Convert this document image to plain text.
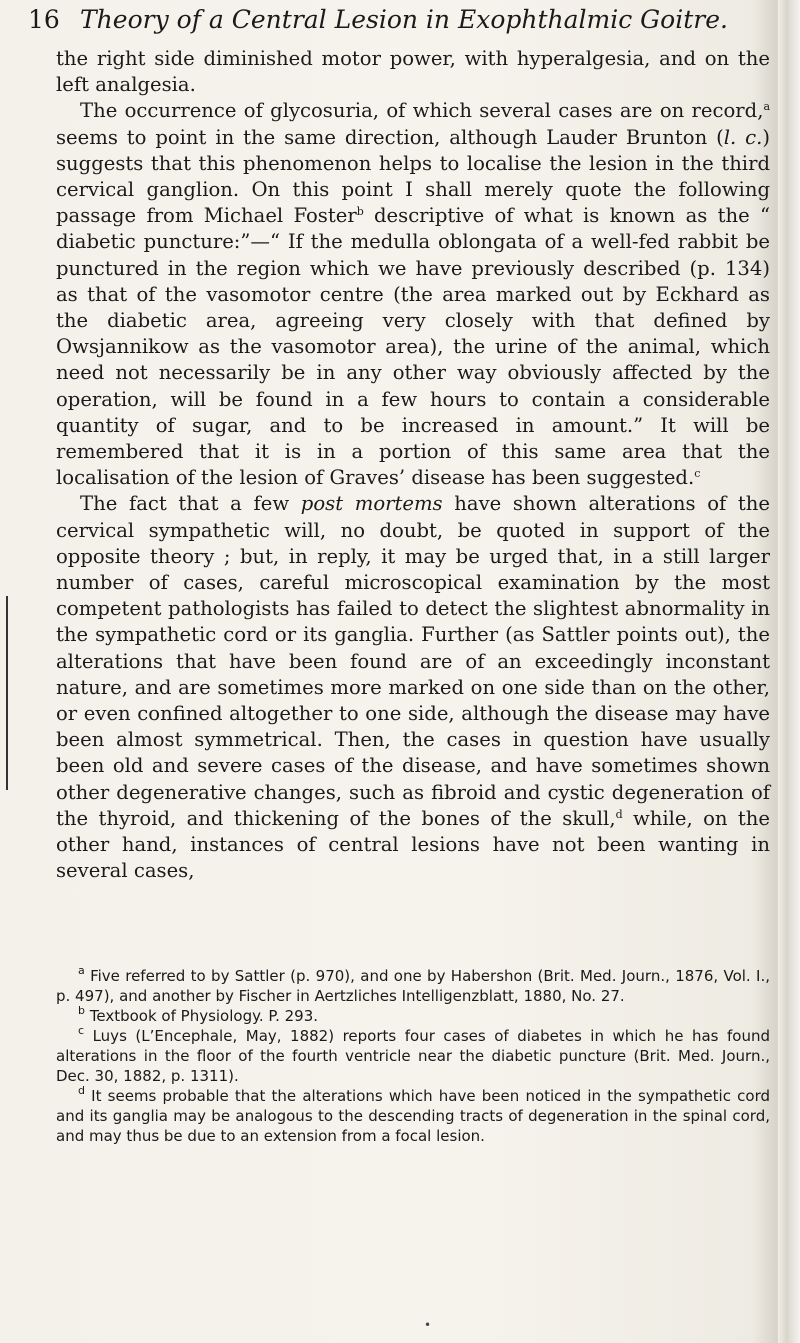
16 Theory of a Central Lesion in Exophthalmic Goitre.

the right side diminished motor power, with hyperalgesia, and on the left analgesia.

The occurrence of glycosuria, of which several cases are on record,$^a$ seems to point in the same direction, although Lauder Brunton (l. c.) suggests that this phenomenon helps to localise the lesion in the third cervical ganglion. On this point I shall merely quote the following passage from Michael Foster$^b$ descriptive of what is known as the “ diabetic puncture:”—“ If the medulla oblongata of a well-fed rabbit be punctured in the region which we have previously described (p. 134) as that of the vasomotor centre (the area marked out by Eckhard as the diabetic area, agreeing very closely with that defined by Owsjannikow as the vasomotor area), the urine of the animal, which need not necessarily be in any other way obviously affected by the operation, will be found in a few hours to contain a considerable quantity of sugar, and to be increased in amount.” It will be remembered that it is in a portion of this same area that the localisation of the lesion of Graves’ disease has been suggested.$^c$

The fact that a few post mortems have shown alterations of the cervical sympathetic will, no doubt, be quoted in support of the opposite theory ; but, in reply, it may be urged that, in a still larger number of cases, careful microscopical examination by the most competent pathologists has failed to detect the slightest abnormality in the sympathetic cord or its ganglia. Further (as Sattler points out), the alterations that have been found are of an exceedingly inconstant nature, and are sometimes more marked on one side than on the other, or even confined altogether to one side, although the disease may have been almost symmetrical. Then, the cases in question have usually been old and severe cases of the disease, and have sometimes shown other degenerative changes, such as fibroid and cystic degeneration of the thyroid, and thickening of the bones of the skull,$^d$ while, on the other hand, instances of central lesions have not been wanting in several cases,

$^a$ Five referred to by Sattler (p. 970), and one by Habershon (Brit. Med. Journ., 1876, Vol. I., p. 497), and another by Fischer in Aertzliches Intelligenzblatt, 1880, No. 27.

$^b$ Textbook of Physiology. P. 293.

$^c$ Luys (L’Encephale, May, 1882) reports four cases of diabetes in which he has found alterations in the floor of the fourth ventricle near the diabetic puncture (Brit. Med. Journ., Dec. 30, 1882, p. 1311).

$^d$ It seems probable that the alterations which have been noticed in the sympathetic cord and its ganglia may be analogous to the descending tracts of degeneration in the spinal cord, and may thus be due to an extension from a focal lesion.

•
